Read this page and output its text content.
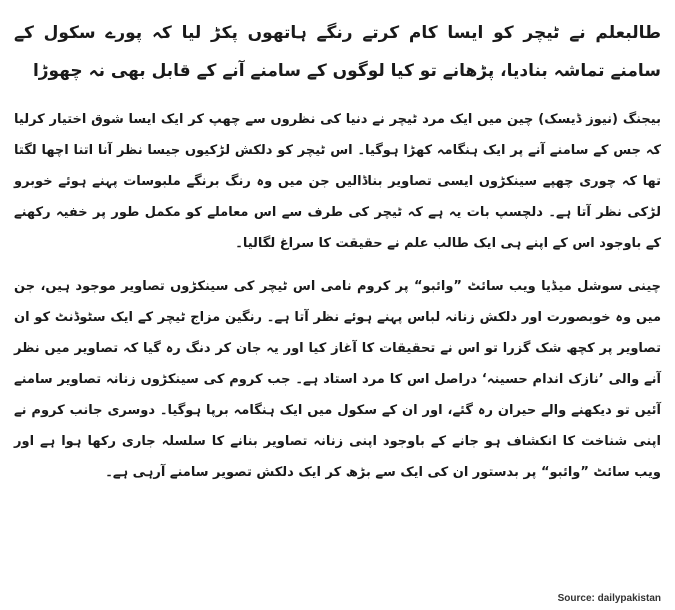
طالبعلم نے ٹیچر کو ایسا کام کرتے رنگے ہاتھوں پکڑ لیا کہ پورے سکول کے سامنے تماشہ بنادیا، پڑھانے تو کیا لوگوں کے سامنے آنے کے قابل بھی نہ چھوڑا

بیجنگ (نیوز ڈیسک) چین میں ایک مرد ٹیچر نے دنیا کی نظروں سے چھپ کر ایک ایسا شوق اختیار کرلیا کہ جس کے سامنے آنے پر ایک ہنگامہ کھڑا ہوگیا۔ اس ٹیچر کو دلکش لڑکیوں جیسا نظر آنا اتنا اچھا لگتا تھا کہ چوری چھپے سینکڑوں ایسی تصاویر بناڈالیں جن میں وہ رنگ برنگے ملبوسات پہنے ہوئے خوبرو لڑکی نظر آتا ہے۔ دلچسپ بات یہ ہے کہ ٹیچر کی طرف سے اس معاملے کو مکمل طور پر خفیہ رکھنے کے باوجود اس کے اپنے ہی ایک طالب علم نے حقیقت کا سراغ لگالیا۔

چینی سوشل میڈیا ویب سائٹ ”وائبو“ پر کروم نامی اس ٹیچر کی سینکڑوں تصاویر موجود ہیں، جن میں وہ خوبصورت اور دلکش زنانہ لباس پہنے ہوئے نظر آتا ہے۔ رنگین مزاج ٹیچر کے ایک سٹوڈنٹ کو ان تصاویر پر کچھ شک گزرا تو اس نے تحقیقات کا آغاز کیا اور یہ جان کر دنگ رہ گیا کہ تصاویر میں نظر آنے والی ’نازک اندام حسینہ‘ دراصل اس کا مرد استاد ہے۔ جب کروم کی سینکڑوں زنانہ تصاویر سامنے آئیں تو دیکھنے والے حیران رہ گئے، اور ان کے سکول میں ایک ہنگامہ برپا ہوگیا۔ دوسری جانب کروم نے اپنی شناخت کا انکشاف ہو جانے کے باوجود اپنی زنانہ تصاویر بنانے کا سلسلہ جاری رکھا ہوا ہے اور ویب سائٹ ”وائبو“ پر بدستور ان کی ایک سے بڑھ کر ایک دلکش تصویر سامنے آرہی ہے۔

Source: dailypakistan
